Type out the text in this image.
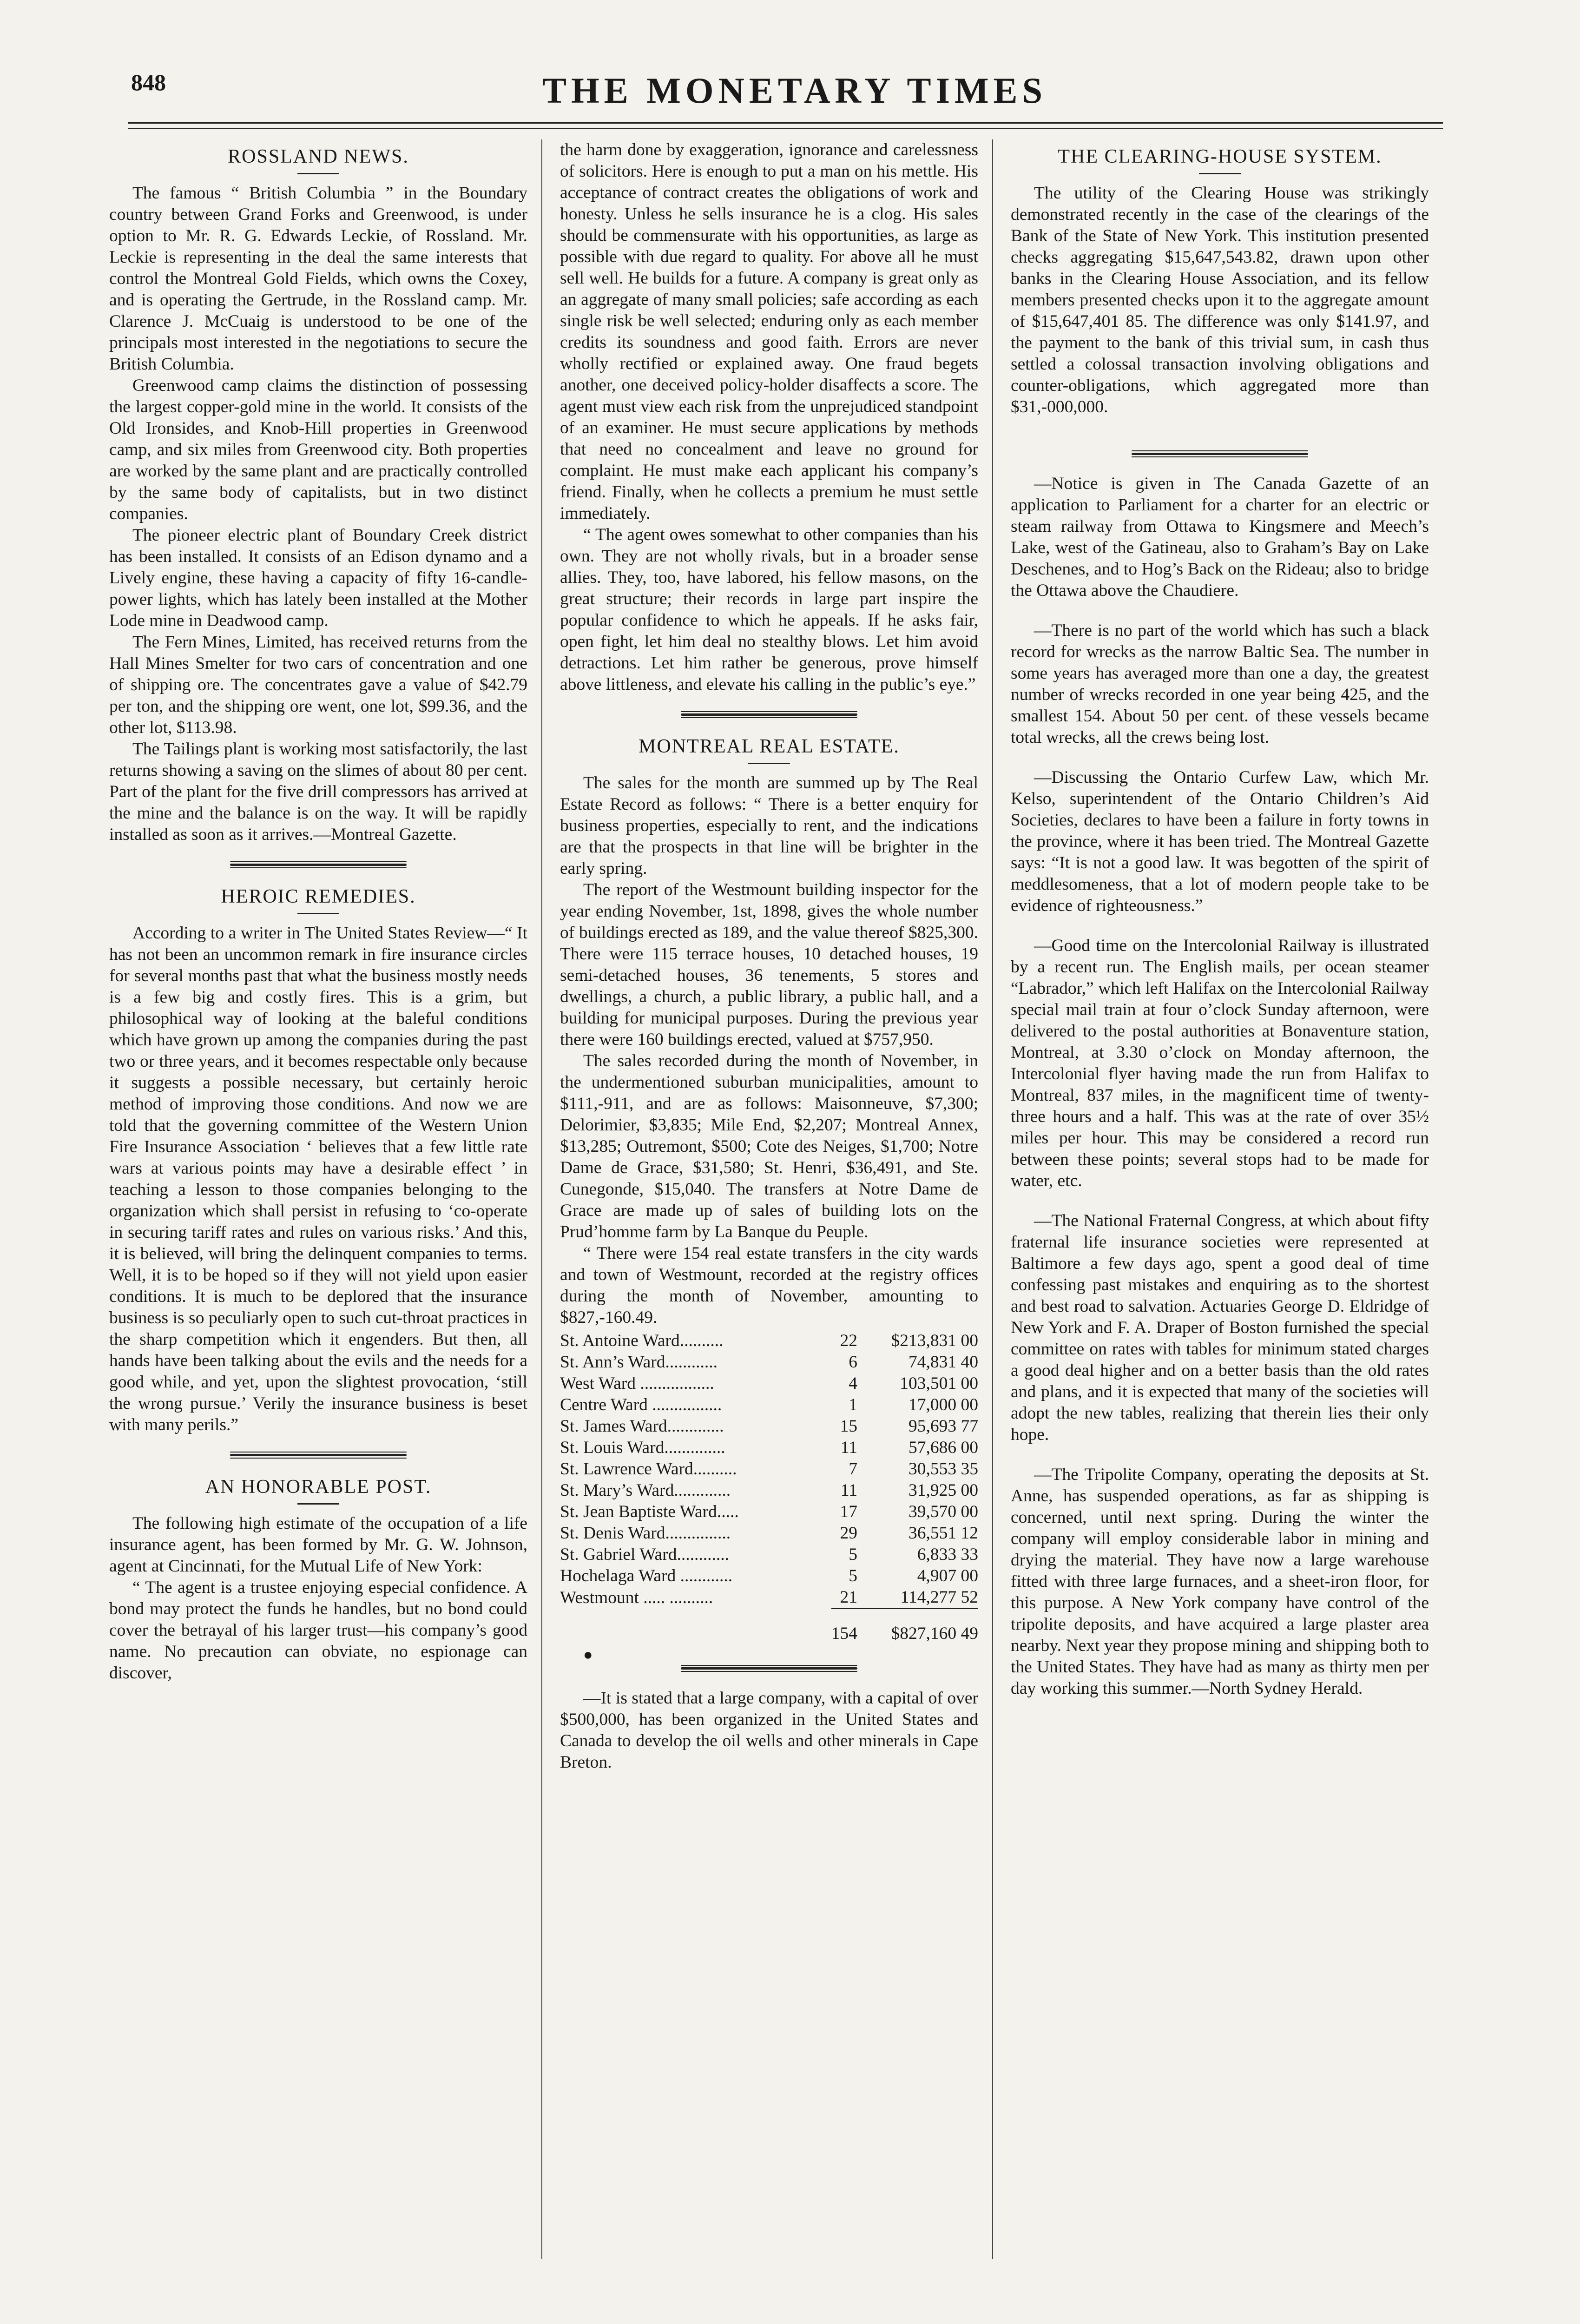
848	THE MONETARY TIMES
ROSSLAND NEWS.

The famous “ British Columbia ” in the Boundary country between Grand Forks and Greenwood, is under option to Mr. R. G. Edwards Leckie, of Rossland. Mr. Leckie is representing in the deal the same interests that control the Montreal Gold Fields, which owns the Coxey, and is operating the Gertrude, in the Rossland camp. Mr. Clarence J. McCuaig is understood to be one of the principals most interested in the negotiations to secure the British Columbia.

Greenwood camp claims the distinction of possessing the largest copper-gold mine in the world. It consists of the Old Ironsides, and Knob-Hill properties in Greenwood camp, and six miles from Greenwood city. Both properties are worked by the same plant and are practically controlled by the same body of capitalists, but in two distinct companies.

The pioneer electric plant of Boundary Creek district has been installed. It consists of an Edison dynamo and a Lively engine, these having a capacity of fifty 16-candle-power lights, which has lately been installed at the Mother Lode mine in Deadwood camp.

The Fern Mines, Limited, has received returns from the Hall Mines Smelter for two cars of concentration and one of shipping ore. The concentrates gave a value of $42.79 per ton, and the shipping ore went, one lot, $99.36, and the other lot, $113.98.

The Tailings plant is working most satisfactorily, the last returns showing a saving on the slimes of about 80 per cent. Part of the plant for the five drill compressors has arrived at the mine and the balance is on the way. It will be rapidly installed as soon as it arrives.—Montreal Gazette.

HEROIC REMEDIES.

According to a writer in The United States Review—“ It has not been an uncommon remark in fire insurance circles for several months past that what the business mostly needs is a few big and costly fires. This is a grim, but philosophical way of looking at the baleful conditions which have grown up among the companies during the past two or three years, and it becomes respectable only because it suggests a possible necessary, but certainly heroic method of improving those conditions. And now we are told that the governing committee of the Western Union Fire Insurance Association ‘ believes that a few little rate wars at various points may have a desirable effect ’ in teaching a lesson to those companies belonging to the organization which shall persist in refusing to ‘co-operate in securing tariff rates and rules on various risks.’ And this, it is believed, will bring the delinquent companies to terms. Well, it is to be hoped so if they will not yield upon easier conditions. It is much to be deplored that the insurance business is so peculiarly open to such cut-throat practices in the sharp competition which it engenders. But then, all hands have been talking about the evils and the needs for a good while, and yet, upon the slightest provocation, ‘still the wrong pursue.’ Verily the insurance business is beset with many perils.”

AN HONORABLE POST.

The following high estimate of the occupation of a life insurance agent, has been formed by Mr. G. W. Johnson, agent at Cincinnati, for the Mutual Life of New York:

“ The agent is a trustee enjoying especial confidence. A bond may protect the funds he handles, but no bond could cover the betrayal of his larger trust—his company’s good name. No precaution can obviate, no espionage can discover,

the harm done by exaggeration, ignorance and carelessness of solicitors. Here is enough to put a man on his mettle. His acceptance of contract creates the obligations of work and honesty. Unless he sells insurance he is a clog. His sales should be commensurate with his opportunities, as large as possible with due regard to quality. For above all he must sell well. He builds for a future. A company is great only as an aggregate of many small policies; safe according as each single risk be well selected; enduring only as each member credits its soundness and good faith. Errors are never wholly rectified or explained away. One fraud begets another, one deceived policy-holder disaffects a score. The agent must view each risk from the unprejudiced standpoint of an examiner. He must secure applications by methods that need no concealment and leave no ground for complaint. He must make each applicant his company’s friend. Finally, when he collects a premium he must settle immediately.

“ The agent owes somewhat to other companies than his own. They are not wholly rivals, but in a broader sense allies. They, too, have labored, his fellow masons, on the great structure; their records in large part inspire the popular confidence to which he appeals. If he asks fair, open fight, let him deal no stealthy blows. Let him avoid detractions. Let him rather be generous, prove himself above littleness, and elevate his calling in the public’s eye.”

MONTREAL REAL ESTATE.

The sales for the month are summed up by The Real Estate Record as follows: “ There is a better enquiry for business properties, especially to rent, and the indications are that the prospects in that line will be brighter in the early spring.

The report of the Westmount building inspector for the year ending November, 1st, 1898, gives the whole number of buildings erected as 189, and the value thereof $825,300. There were 115 terrace houses, 10 detached houses, 19 semi-detached houses, 36 tenements, 5 stores and dwellings, a church, a public library, a public hall, and a building for municipal purposes. During the previous year there were 160 buildings erected, valued at $757,950.

The sales recorded during the month of November, in the undermentioned suburban municipalities, amount to $111,-911, and are as follows: Maisonneuve, $7,300; Delorimier, $3,835; Mile End, $2,207; Montreal Annex, $13,285; Outremont, $500; Cote des Neiges, $1,700; Notre Dame de Grace, $31,580; St. Henri, $36,491, and Ste. Cunegonde, $15,040. The transfers at Notre Dame de Grace are made up of sales of building lots on the Prud’homme farm by La Banque du Peuple.

“ There were 154 real estate transfers in the city wards and town of Westmount, recorded at the registry offices during the month of November, amounting to $827,-160.49.

St. Antoine Ward..........	22	$213,831 00
St. Ann’s Ward............	6	74,831 40
West Ward .................	4	103,501 00
Centre Ward ................	1	17,000 00
St. James Ward.............	15	95,693 77
St. Louis Ward..............	11	57,686 00
St. Lawrence Ward..........	7	30,553 35
St. Mary’s Ward.............	11	31,925 00
St. Jean Baptiste Ward.....	17	39,570 00
St. Denis Ward...............	29	36,551 12
St. Gabriel Ward............	5	6,833 33
Hochelaga Ward ............	5	4,907 00
Westmount ..... ..........	21	114,277 52
	154	$827,160 49
●

—It is stated that a large company, with a capital of over $500,000, has been organized in the United States and Canada to develop the oil wells and other minerals in Cape Breton.

THE CLEARING-HOUSE SYSTEM.

The utility of the Clearing House was strikingly demonstrated recently in the case of the clearings of the Bank of the State of New York. This institution presented checks aggregating $15,647,543.82, drawn upon other banks in the Clearing House Association, and its fellow members presented checks upon it to the aggregate amount of $15,647,401 85. The difference was only $141.97, and the payment to the bank of this trivial sum, in cash thus settled a colossal transaction involving obligations and counter-obligations, which aggregated more than $31,-000,000.

—Notice is given in The Canada Gazette of an application to Parliament for a charter for an electric or steam railway from Ottawa to Kingsmere and Meech’s Lake, west of the Gatineau, also to Graham’s Bay on Lake Deschenes, and to Hog’s Back on the Rideau; also to bridge the Ottawa above the Chaudiere.

—There is no part of the world which has such a black record for wrecks as the narrow Baltic Sea. The number in some years has averaged more than one a day, the greatest number of wrecks recorded in one year being 425, and the smallest 154. About 50 per cent. of these vessels became total wrecks, all the crews being lost.

—Discussing the Ontario Curfew Law, which Mr. Kelso, superintendent of the Ontario Children’s Aid Societies, declares to have been a failure in forty towns in the province, where it has been tried. The Montreal Gazette says: “It is not a good law. It was begotten of the spirit of meddlesomeness, that a lot of modern people take to be evidence of righteousness.”

—Good time on the Intercolonial Railway is illustrated by a recent run. The English mails, per ocean steamer “Labrador,” which left Halifax on the Intercolonial Railway special mail train at four o’clock Sunday afternoon, were delivered to the postal authorities at Bonaventure station, Montreal, at 3.30 o’clock on Monday afternoon, the Intercolonial flyer having made the run from Halifax to Montreal, 837 miles, in the magnificent time of twenty-three hours and a half. This was at the rate of over 35½ miles per hour. This may be considered a record run between these points; several stops had to be made for water, etc.

—The National Fraternal Congress, at which about fifty fraternal life insurance societies were represented at Baltimore a few days ago, spent a good deal of time confessing past mistakes and enquiring as to the shortest and best road to salvation. Actuaries George D. Eldridge of New York and F. A. Draper of Boston furnished the special committee on rates with tables for minimum stated charges a good deal higher and on a better basis than the old rates and plans, and it is expected that many of the societies will adopt the new tables, realizing that therein lies their only hope.

—The Tripolite Company, operating the deposits at St. Anne, has suspended operations, as far as shipping is concerned, until next spring. During the winter the company will employ considerable labor in mining and drying the material. They have now a large warehouse fitted with three large furnaces, and a sheet-iron floor, for this purpose. A New York company have control of the tripolite deposits, and have acquired a large plaster area nearby. Next year they propose mining and shipping both to the United States. They have had as many as thirty men per day working this summer.—North Sydney Herald.
